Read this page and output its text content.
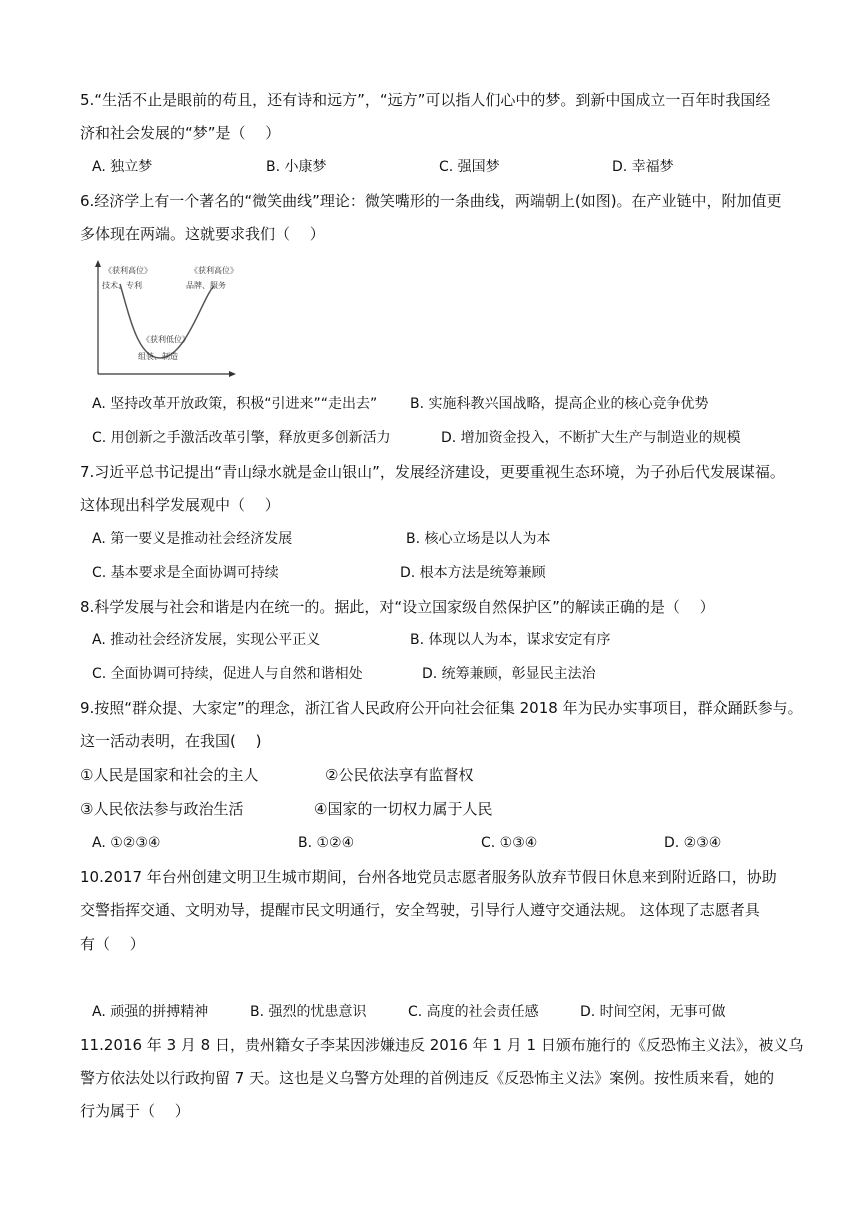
5.“生活不止是眼前的苟且，还有诗和远方”，“远方”可以指人们心中的梦。到新中国成立一百年时我国经
济和社会发展的“梦”是（　 ）
A. 独立梦	B. 小康梦	C. 强国梦	D. 幸福梦
6.经济学上有一个著名的“微笑曲线”理论：微笑嘴形的一条曲线，两端朝上(如图)。在产业链中，附加值更
多体现在两端。这就要求我们（　 ）
《获利高位》
技术、专利
《获利高位》
品牌、服务
《获利低位》
组装、制造
A. 坚持改革开放政策，积极“引进来”“走出去” B. 实施科教兴国战略，提高企业的核心竞争优势
C. 用创新之手激活改革引擎，释放更多创新活力	D. 增加资金投入，不断扩大生产与制造业的规模
7.习近平总书记提出“青山绿水就是金山银山”，发展经济建设，更要重视生态环境，为子孙后代发展谋福。
这体现出科学发展观中（　 ）
A. 第一要义是推动社会经济发展	B. 核心立场是以人为本
C. 基本要求是全面协调可持续	D. 根本方法是统筹兼顾
8.科学发展与社会和谐是内在统一的。据此，对“设立国家级自然保护区”的解读正确的是（　 ）
A. 推动社会经济发展，实现公平正义	B. 体现以人为本，谋求安定有序
C. 全面协调可持续，促进人与自然和谐相处	D. 统筹兼顾，彰显民主法治
9.按照“群众提、大家定”的理念，浙江省人民政府公开向社会征集 2018 年为民办实事项目，群众踊跃参与。
这一活动表明，在我国(　 )
①人民是国家和社会的主人	②公民依法享有监督权
③人民依法参与政治生活	④国家的一切权力属于人民
A. ①②③④	B. ①②④	C. ①③④	D. ②③④
10.2017 年台州创建文明卫生城市期间，台州各地党员志愿者服务队放弃节假日休息来到附近路口，协助
交警指挥交通、文明劝导，提醒市民文明通行，安全驾驶，引导行人遵守交通法规。 这体现了志愿者具
有（　 ）
A. 顽强的拼搏精神	B. 强烈的忧患意识	C. 高度的社会责任感	D. 时间空闲，无事可做
11.2016 年 3 月 8 日，贵州籍女子李某因涉嫌违反 2016 年 1 月 1 日颁布施行的《反恐怖主义法》，被义乌
警方依法处以行政拘留 7 天。这也是义乌警方处理的首例违反《反恐怖主义法》案例。按性质来看，她的
行为属于（　 ）
